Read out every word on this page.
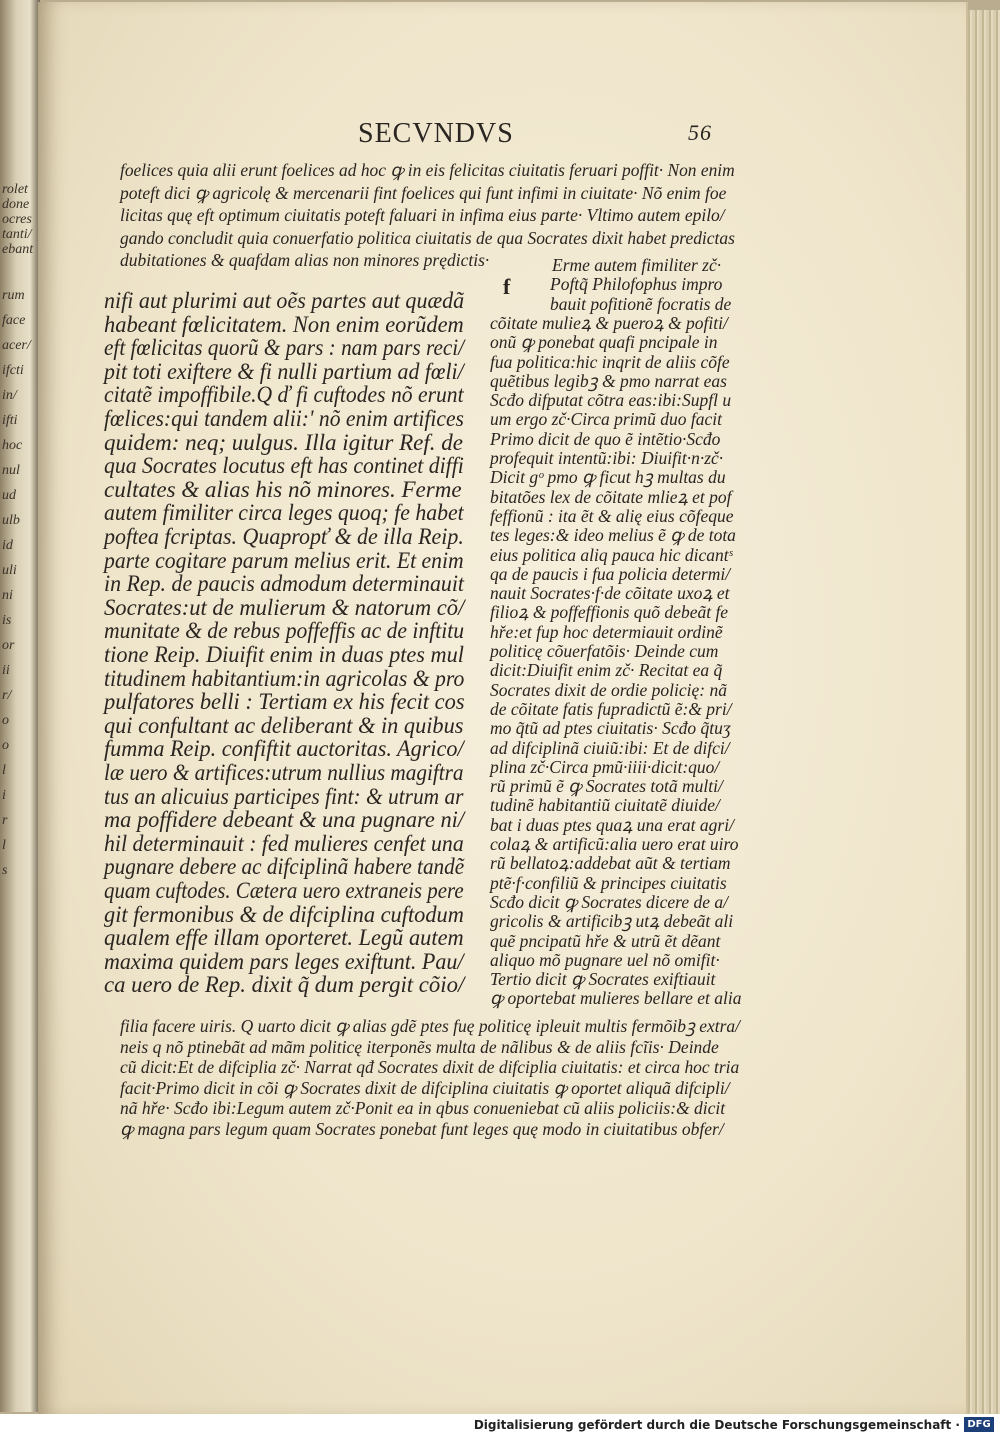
rolet
done
ocres
tanti/
ebant
rum
face
acer/
ifcti
in/
ifti
hoc
nul
ud
ulb
id
uli
ni
is
or
ii
r/
o
o
l
i
r
l
s
SECVNDVS	56
foelices quia alii erunt foelices ad hoc ꝙ in eis felicitas ciuitatis feruari poffit· Non enim
poteft dici ꝙ agricolę & mercenarii fint foelices qui funt infimi in ciuitate· Nõ enim foe
licitas quę eft optimum ciuitatis poteft faluari in infima eius parte· Vltimo autem epilo/
gando concludit quia conuerfatio politica ciuitatis de qua Socrates dixit habet predictas
dubitationes & quafdam alias non minores prędictis·
nifi aut plurimi aut oẽs partes aut quædã
habeant fœlicitatem. Non enim eorũdem
eft fœlicitas quorũ & pars : nam pars reci/
pit toti exiftere & fi nulli partium ad fœli/
citatẽ impoffibile.Q ď fi cuftodes nõ erunt
fœlices:qui tandem alii:' nõ enim artifices
quidem: neq; uulgus. Illa igitur Ref. de
qua Socrates locutus eft has continet diffi
cultates & alias his nõ minores. Ferme
autem fimiliter circa leges quoq; fe habet
poftea fcriptas. Quapropť & de illa Reip.
parte cogitare parum melius erit. Et enim
in Rep. de paucis admodum determinauit
Socrates:ut de mulierum & natorum cõ/
munitate & de rebus poffeffis ac de inftitu
tione Reip. Diuifit enim in duas ptes mul
titudinem habitantium:in agricolas & pro
pulfatores belli : Tertiam ex his fecit cos
qui confultant ac deliberant & in quibus
fumma Reip. confiftit auctoritas. Agrico/
læ uero & artifices:utrum nullius magiftra
tus an alicuius participes fint: & utrum ar
ma poffidere debeant & una pugnare ni/
hil determinauit : fed mulieres cenfet una
pugnare debere ac difciplinã habere tandẽ
quam cuftodes. Cætera uero extraneis pere
git fermonibus & de difciplina cuftodum
qualem effe illam oporteret. Legũ autem
maxima quidem pars leges exiftunt. Pau/
ca uero de Rep. dixit q̃ dum pergit cõio/
f
Erme autem fimiliter zč·
Poftq̃ Philofophus impro
bauit pofitionẽ focratis de
cõitate mulieꝝ & pueroꝝ & pofiti/
onũ ꝙ ponebat quafi pncipale in
fua politica:hic inqrit de aliis cõfe
quẽtibus legibꝫ & pmo narrat eas
Scđo difputat cõtra eas:ibi:Supfl u
um ergo zč·Circa primũ duo facit
Primo dicit de quo ẽ intẽtio·Scđo
profequit intentũ:ibi: Diuifit·n·zč·
Dicit gᵒ pmo ꝙ ficut hꝫ multas du
bitatões lex de cõitate mlieꝝ et pof
feffionũ : ita ẽt & alię eius cõfeque
tes leges:& ideo melius ẽ ꝙ de tota
eius politica aliq pauca hic dicantˢ
qa de paucis i fua policia determi/
nauit Socrates·f·de cõitate uxoꝝ et
filioꝝ & poffeffionis quõ debeãt fe
hře:et fup hoc determiauit ordinẽ
politicę cõuerfatõis· Deinde cum
dicit:Diuifit enim zč· Recitat ea q̃
Socrates dixit de ordie policię: nã
de cõitate fatis fupradictũ ẽ:& pri/
mo q̃tũ ad ptes ciuitatis· Scđo q̃tuʒ
ad difciplinã ciuiũ:ibi: Et de difci/
plina zč·Circa pmũ·iiii·dicit:quo/
rũ primũ ẽ ꝙ Socrates totã multi/
tudinẽ habitantiũ ciuitatẽ diuide/
bat i duas ptes quaꝝ una erat agri/
colaꝝ & artificũ:alia uero erat uiro
rũ bellatoꝝ:addebat aũt & tertiam
ptẽ·f·confiliũ & principes ciuitatis
Scđo dicit ꝙ Socrates dicere de a/
gricolis & artificibꝫ utꝝ debeãt ali
quẽ pncipatũ hře & utrũ ẽt dẽant
aliquo mõ pugnare uel nõ omifit·
Tertio dicit ꝙ Socrates exiftiauit
ꝙ oportebat mulieres bellare et alia
filia facere uiris. Q uarto dicit ꝙ alias gdẽ ptes fuę politicę ipleuit multis fermõibꝫ extra/
neis q nõ ptinebãt ad mãm politicę iterponẽs multa de nãlibus & de aliis fcĩis· Deinde
cũ dicit:Et de difciplia zč· Narrat qđ Socrates dixit de difciplia ciuitatis: et circa hoc tria
facit·Primo dicit in cõi ꝙ Socrates dixit de difciplina ciuitatis ꝙ oportet aliquã difcipli/
nã hře· Scđo ibi:Legum autem zč·Ponit ea in qbus conueniebat cũ aliis policiis:& dicit
ꝙ magna pars legum quam Socrates ponebat funt leges quę modo in ciuitatibus obfer/
Digitalisierung gefördert durch die Deutsche Forschungsgemeinschaft · DFG
